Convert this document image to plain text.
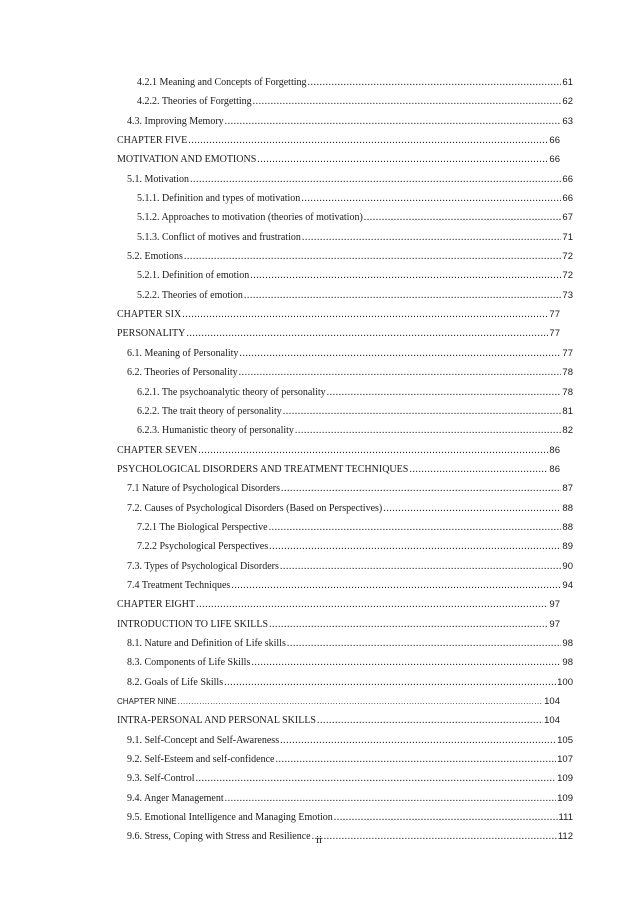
4.2.1 Meaning and Concepts of Forgetting .....	61
4.2.2. Theories of Forgetting .....	62
4.3. Improving Memory .....	63
CHAPTER FIVE .....	66
MOTIVATION AND EMOTIONS .....	66
5.1. Motivation .....	66
5.1.1. Definition and types of motivation .....	66
5.1.2. Approaches to motivation (theories of motivation) .....	67
5.1.3. Conflict of motives and frustration .....	71
5.2. Emotions .....	72
5.2.1. Definition of emotion .....	72
5.2.2. Theories of emotion .....	73
CHAPTER SIX .....	77
PERSONALITY .....	77
6.1. Meaning of Personality .....	77
6.2. Theories of Personality .....	78
6.2.1. The psychoanalytic theory of personality .....	78
6.2.2. The trait theory of personality .....	81
6.2.3. Humanistic theory of personality .....	82
CHAPTER SEVEN .....	86
PSYCHOLOGICAL DISORDERS AND TREATMENT TECHNIQUES .....	86
7.1 Nature of Psychological Disorders .....	87
7.2. Causes of Psychological Disorders (Based on Perspectives) .....	88
7.2.1 The Biological Perspective .....	88
7.2.2 Psychological Perspectives .....	89
7.3. Types of Psychological Disorders .....	90
7.4 Treatment Techniques .....	94
CHAPTER EIGHT .....	97
INTRODUCTION TO LIFE SKILLS .....	97
8.1. Nature and Definition of Life skills .....	98
8.3. Components of Life Skills .....	98
8.2. Goals of Life Skills .....	100
CHAPTER NINE .....	104
INTRA-PERSONAL AND PERSONAL SKILLS .....	104
9.1. Self-Concept and Self-Awareness .....	105
9.2. Self-Esteem and self-confidence .....	107
9.3. Self-Control .....	109
9.4. Anger Management .....	109
9.5. Emotional Intelligence and Managing Emotion .....	111
9.6. Stress, Coping with Stress and Resilience .....	112
ii
